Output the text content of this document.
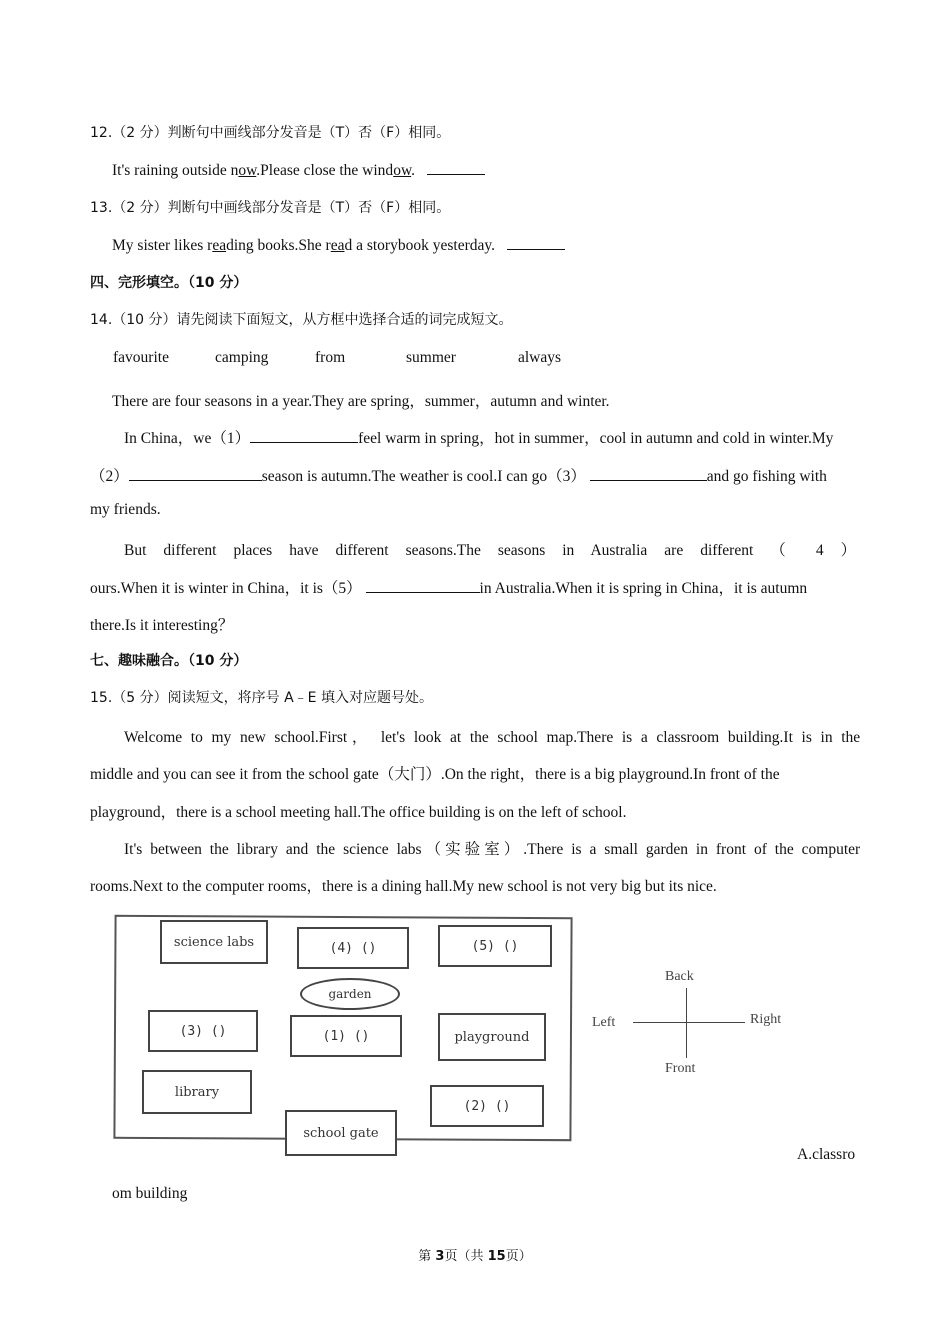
12.（2 分）判断句中画线部分发音是（T）否（F）相同。
It's raining outside now.Please close the window.
13.（2 分）判断句中画线部分发音是（T）否（F）相同。
My sister likes reading books.She read a storybook yesterday.
四、完形填空。（10 分）
14.（10 分）请先阅读下面短文，从方框中选择合适的词完成短文。
favourite	camping	from	summer	always
There are four seasons in a year.They are spring，summer，autumn and winter.
In China，we（1）	feel warm in spring，hot in summer，cool in autumn and cold in winter.My
（2）	season is autumn.The weather is cool.I can go（3）	and go fishing with
my friends.
But different places have different seasons.The seasons in Australia are different （ 4 ）
ours.When it is winter in China，it is（5）	in Australia.When it is spring in China，it is autumn
there.Is it interesting？
七、趣味融合。（10 分）
15.（5 分）阅读短文，将序号 A﹣E 填入对应题号处。
Welcome to my new school.First， let's look at the school map.There is a classroom building.It is in the
middle and you can see it from the school gate（大门）.On the right，there is a big playground.In front of the
playground，there is a school meeting hall.The office building is on the left of school.
It's between the library and the science labs（实验室）.There is a small garden in front of the computer
rooms.Next to the computer rooms，there is a dining hall.My new school is not very big but its nice.
science labs	(4) ()	(5) ()
garden
(3) ()	(1) ()	playground
library
(2) ()
school gate
Back
Left	Right
Front
A.classro
om building
第 3页（共 15页）
